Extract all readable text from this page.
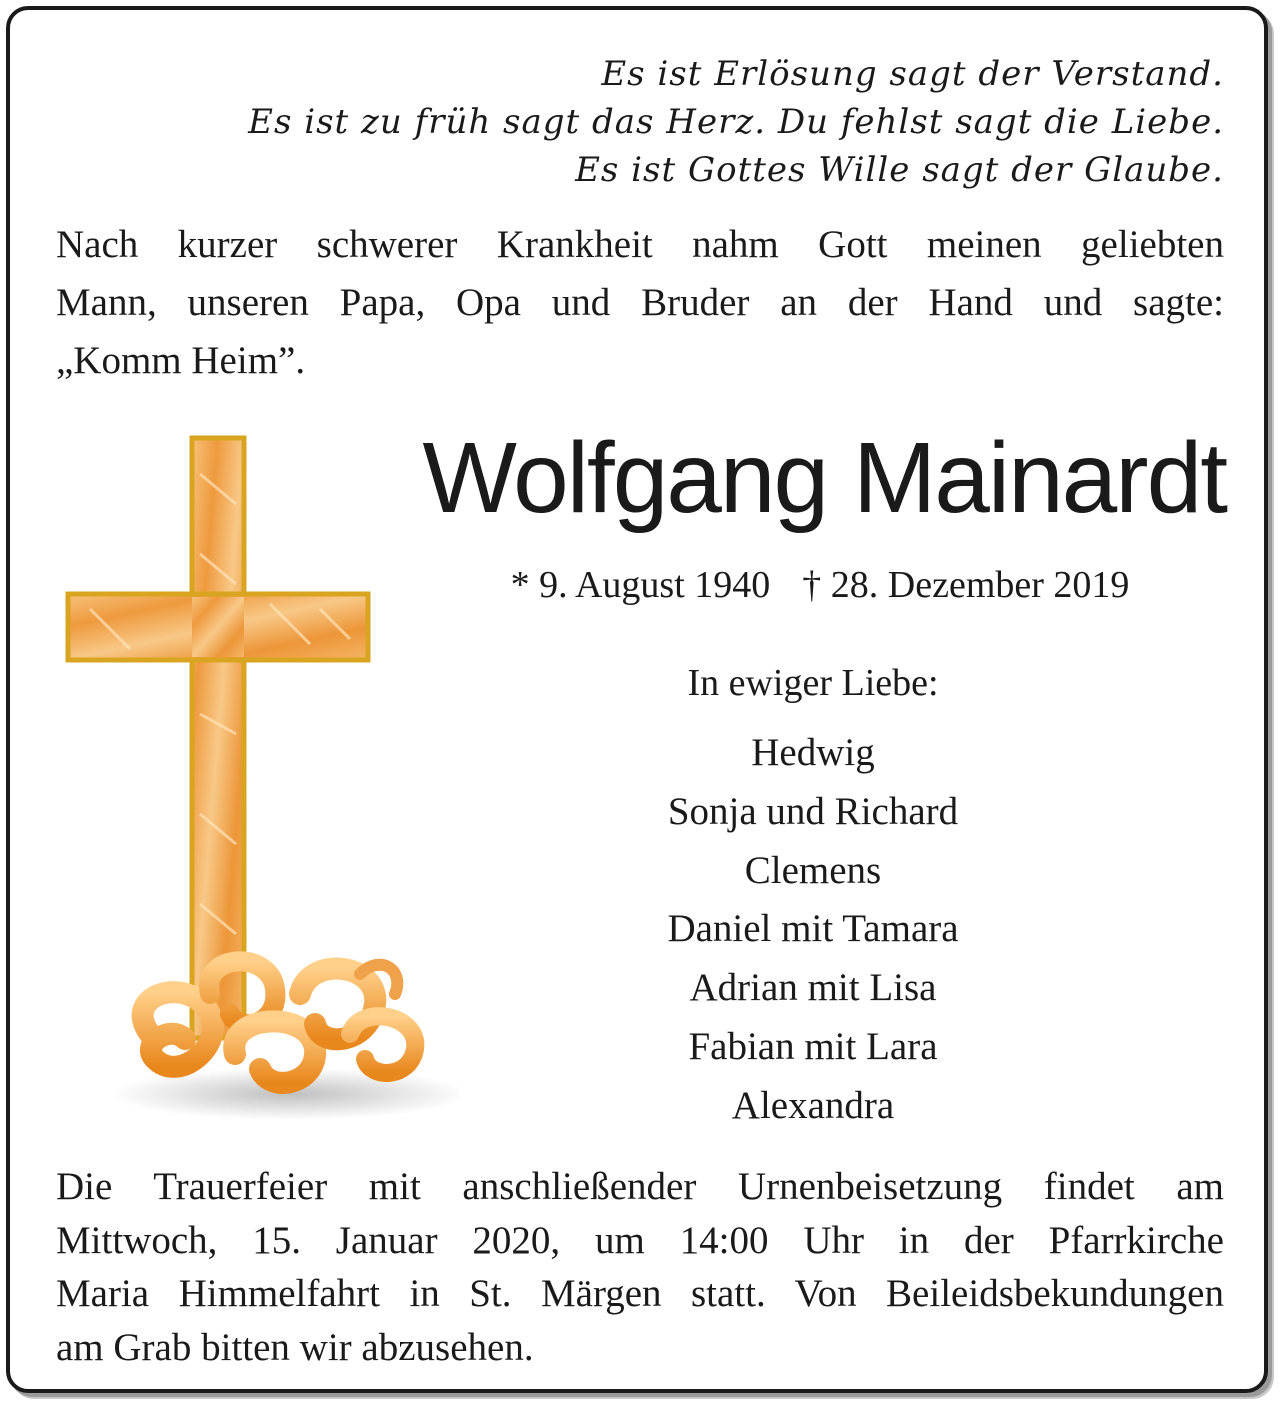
Es ist Erlösung sagt der Verstand.
Es ist zu früh sagt das Herz. Du fehlst sagt die Liebe.
Es ist Gottes Wille sagt der Glaube.
Nach kurzer schwerer Krankheit nahm Gott meinen geliebten
Mann, unseren Papa, Opa und Bruder an der Hand und sagte:
„Komm Heim”.
Wolfgang Mainardt
* 9. August 1940 † 28. Dezember 2019
In ewiger Liebe:
Hedwig
Sonja und Richard
Clemens
Daniel mit Tamara
Adrian mit Lisa
Fabian mit Lara
Alexandra
Die Trauerfeier mit anschließender Urnenbeisetzung findet am
Mittwoch, 15. Januar 2020, um 14:00 Uhr in der Pfarrkirche
Maria Himmelfahrt in St. Märgen statt. Von Beileidsbekundungen
am Grab bitten wir abzusehen.
